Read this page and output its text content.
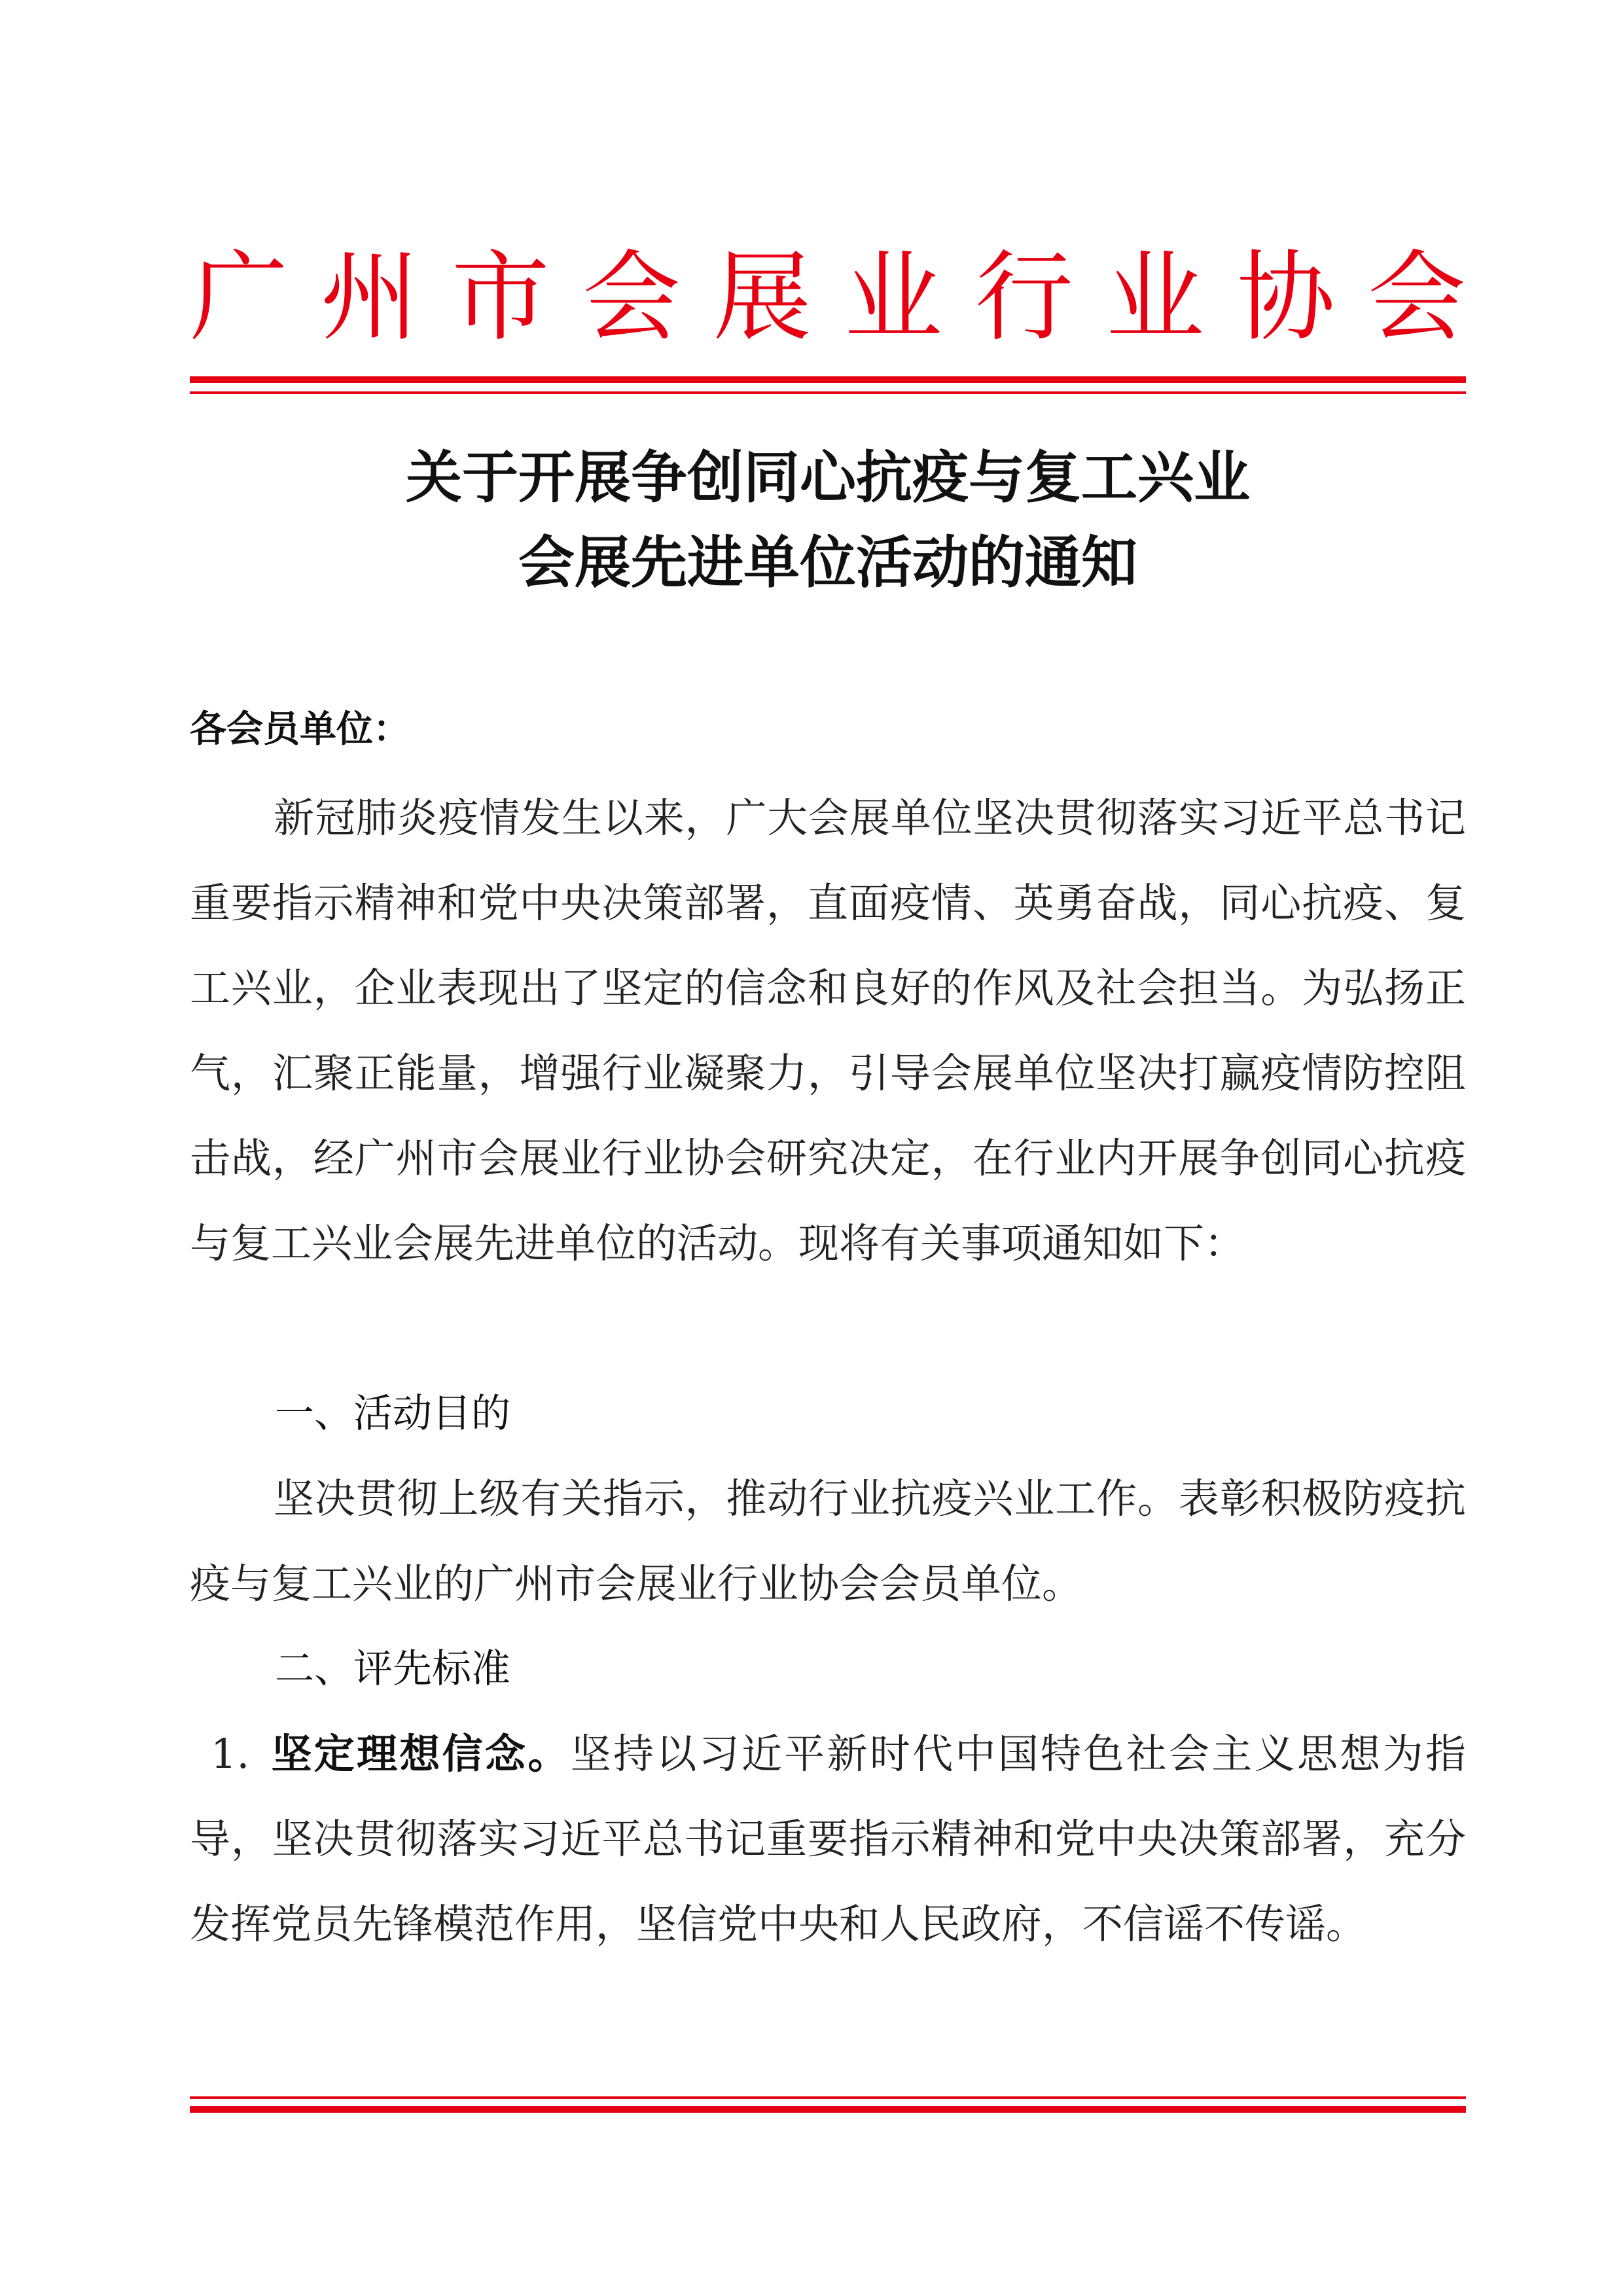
广 州 市 会 展 业 行 业 协 会
关于开展争创同心抗疫与复工兴业
会展先进单位活动的通知
各会员单位：

新冠肺炎疫情发生以来，广大会展单位坚决贯彻落实习近平总书记重要指示精神和党中央决策部署，直面疫情、英勇奋战，同心抗疫、复工兴业，企业表现出了坚定的信念和良好的作风及社会担当。为弘扬正气，汇聚正能量，增强行业凝聚力，引导会展单位坚决打赢疫情防控阻击战，经广州市会展业行业协会研究决定，在行业内开展争创同心抗疫与复工兴业会展先进单位的活动。现将有关事项通知如下：

一、活动目的

坚决贯彻上级有关指示，推动行业抗疫兴业工作。表彰积极防疫抗疫与复工兴业的广州市会展业行业协会会员单位。

二、评先标准

1. 坚定理想信念。坚持以习近平新时代中国特色社会主义思想为指导，坚决贯彻落实习近平总书记重要指示精神和党中央决策部署，充分发挥党员先锋模范作用，坚信党中央和人民政府，不信谣不传谣。
